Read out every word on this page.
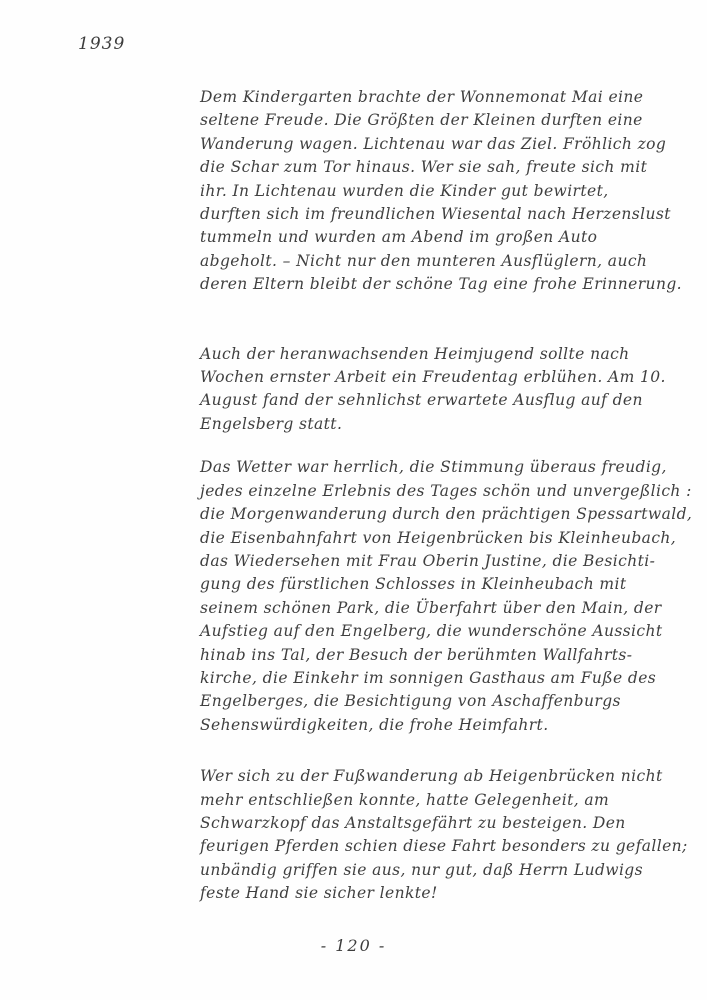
1939
Dem Kindergarten brachte der Wonnemonat Mai eine
seltene Freude. Die Größten der Kleinen durften eine
Wanderung wagen. Lichtenau war das Ziel. Fröhlich zog
die Schar zum Tor hinaus. Wer sie sah, freute sich mit
ihr. In Lichtenau wurden die Kinder gut bewirtet,
durften sich im freundlichen Wiesental nach Herzenslust
tummeln und wurden am Abend im großen Auto
abgeholt. – Nicht nur den munteren Ausflüglern, auch
deren Eltern bleibt der schöne Tag eine frohe Erinnerung.
Auch der heranwachsenden Heimjugend sollte nach
Wochen ernster Arbeit ein Freudentag erblühen. Am 10.
August fand der sehnlichst erwartete Ausflug auf den
Engelsberg statt.
Das Wetter war herrlich, die Stimmung überaus freudig,
jedes einzelne Erlebnis des Tages schön und unvergeßlich :
die Morgenwanderung durch den prächtigen Spessartwald,
die Eisenbahnfahrt von Heigenbrücken bis Kleinheubach,
das Wiedersehen mit Frau Oberin Justine, die Besichti-
gung des fürstlichen Schlosses in Kleinheubach mit
seinem schönen Park, die Überfahrt über den Main, der
Aufstieg auf den Engelberg, die wunderschöne Aussicht
hinab ins Tal, der Besuch der berühmten Wallfahrts-
kirche, die Einkehr im sonnigen Gasthaus am Fuße des
Engelberges, die Besichtigung von Aschaffenburgs
Sehenswürdigkeiten, die frohe Heimfahrt.
Wer sich zu der Fußwanderung ab Heigenbrücken nicht
mehr entschließen konnte, hatte Gelegenheit, am
Schwarzkopf das Anstaltsgefährt zu besteigen. Den
feurigen Pferden schien diese Fahrt besonders zu gefallen;
unbändig griffen sie aus, nur gut, daß Herrn Ludwigs
feste Hand sie sicher lenkte!
- 120 -
